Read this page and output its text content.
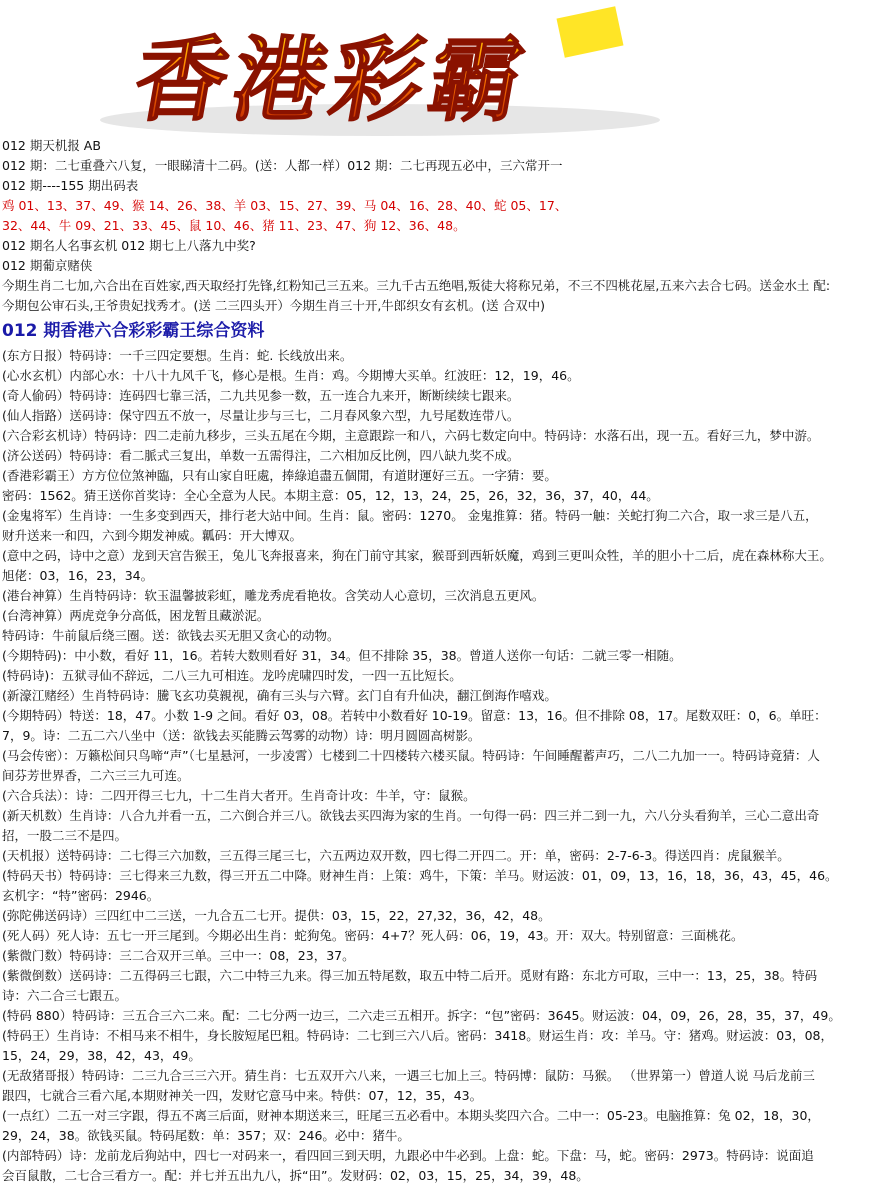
香港彩霸
012 期天机报 AB
012 期：二七重叠六八复，一眼睇清十二码。(送：人都一样）012 期：二七再现五必中，三六常开一
012 期----155 期出码表
鸡 01、13、37、49、猴 14、26、38、羊 03、15、27、39、马 04、16、28、40、蛇 05、17、
32、44、牛 09、21、33、45、鼠 10、46、猪 11、23、47、狗 12、36、48。
012 期名人名事玄机 012 期七上八落九中奖?
012 期葡京赌侠
今期生肖二七加,六合出在百姓家,西天取经打先锋,红粉知己三五来。三九千古五绝唱,叛徒大将称兄弟，不三不四桃花屋,五来六去合七码。送金水土 配:
今期包公审石头,王爷贵妃找秀才。(送 二三四头开）今期生肖三十开,牛郎织女有玄机。(送 合双中)
012 期香港六合彩彩霸王综合资料
(东方日报）特码诗：一千三四定要想。生肖：蛇. 长线放出来。
(心水玄机）内部心水：十八十九风千飞，修心是根。生肖：鸡。今期博大买单。红波旺：12，19，46。
(奇人偷码）特码诗：连码四七靠三活，二九共见参一数，五一连合九来开，断断续续七跟来。
(仙人指路）送码诗：保守四五不放一，尽量让步与三七，二月春风象六型，九号尾数连带八。
(六合彩玄机诗）特码诗：四二走前九移步，三头五尾在今期，主意跟踪一和八，六码七数定向中。特码诗：水落石出，现一五。看好三九，梦中游。
(济公送码）特码诗：看二脈式三复出，单数一五需得注，二六相加反比例，四八缺九奖不成。
(香港彩霸王）方方位位煞神臨，只有山家自旺處，捧綠追盡五個閒，有道財運好三五。一字猜：要。
密码：1562。猜王送你首奖诗：全心全意为人民。本期主意：05，12，13，24，25，26，32，36，37，40，44。
(金鬼将军）生肖诗：一生多变到西天，排行老大站中间。生肖：鼠。密码：1270。 金鬼推算：猪。特码一触：关蛇打狗二六合，取一求三是八五，
财升送来一和四，六到今期发神威。瓤码：开大博双。
(意中之码，诗中之意）龙到天宫告猴王，兔儿飞奔报喜来，狗在门前守其家，猴哥到西斩妖魔，鸡到三更叫众牲，羊的胆小十二后，虎在森林称大王。
旭佬：03，16，23，34。
(港台神算）生肖特码诗：软玉温馨披彩虹，雕龙秀虎看艳妆。含笑动人心意切，三次消息五更风。
(台湾神算）两虎竞争分高低，困龙暂且藏淤泥。
特码诗：牛前鼠后绕三圈。送：欲钱去买无胆又贪心的动物。
(今期特码)：中小数，看好 11，16。若转大数则看好 31，34。但不排除 35，38。曾道人送你一句话：二就三零一相随。
(特码诗)：五狱寻仙不辞远，二八三九可相连。龙吟虎啸四时发，一四一五比短长。
(新濠江赌经）生肖特码诗：騰飞玄功莫親视，确有三头与六臂。玄门自有升仙决，翻江倒海作嘻戏。
(今期特码）特送：18，47。小数 1-9 之间。看好 03，08。若转中小数看好 10-19。留意：13，16。但不排除 08，17。尾数双旺：0，6。单旺：
7，9。诗：二五二六八坐中（送：欲钱去买能腾云驾雾的动物）诗：明月圆圆高树影。
(马会传密）：万籁松间只鸟啼“声”（七星悬河，一步凌霄）七楼到二十四楼转六楼买鼠。特码诗：午间睡醒蓄声巧，二八二九加一一。特码诗竟猜：人
间芬芳世界香，二六三三九可连。
(六合兵法）：诗：二四开得三七九，十二生肖大者开。生肖奇计攻：牛羊，守：鼠猴。
(新天机数）生肖诗：八合九并看一五，二六倒合并三八。欲钱去买四海为家的生肖。一句得一码：四三并二到一九，六八分头看狗羊，三心二意出奇
招，一股二三不是四。
(天机报）送特码诗：二七得三六加数，三五得三尾三七，六五两边双开数，四七得二开四二。开：单，密码：2-7-6-3。得送四肖：虎鼠猴羊。
(特码天书）特码诗：三七得来三九数，得三开五二中降。财神生肖：上策：鸡牛，下策：羊马。财运波：01，09，13，16，18，36，43，45，46。
玄机字：“特”密码：2946。
(弥陀佛送码诗）三四红中二三送，一九合五二七开。提供：03，15，22，27,32，36，42，48。
(死人码）死人诗：五七一开三尾到。今期必出生肖：蛇狗兔。密码：4+7？死人码：06，19，43。开：双大。特别留意：三面桃花。
(紫微门数）特码诗：三二合双开三单。三中一：08，23，37。
(紫微倒数）送码诗：二五得码三七跟，六二中特三九来。得三加五特尾数，取五中特二后开。觅财有路：东北方可取，三中一：13，25，38。特码
诗：六二合三七跟五。
(特码 880）特码诗：三五合三六二来。配：二七分两一边三，二六走三五相开。拆字：“包”密码：3645。财运波：04，09，26，28，35，37，49。
(特码王）生肖诗：不相马来不相牛，身长胺短尾巴粗。特码诗：二七到三六八后。密码：3418。财运生肖：攻：羊马。守：猪鸡。财运波：03，08，
15，24，29，38，42，43，49。
(无敌猪哥报）特码诗：二三九合三三六开。猜生肖：七五双开六八来，一遇三七加上三。特码博：鼠防：马猴。 （世界第一）曾道人说 马后龙前三
跟四，七就合三看六尾,本期财神关一四，发财它意马中来。特供：07，12，35，43。
(一点红）二五一对三字跟，得五不离三后面，财神本期送来三，旺尾三五必看中。本期头奖四六合。二中一：05-23。电脑推算：兔 02，18，30，
29，24，38。欲钱买鼠。特码尾数：单：357；双：246。必中：猪牛。
(内部特码）诗：龙前龙后狗站中，四七一对码来一，看四回三到天明，九跟必中牛必到。上盘：蛇。下盘：马，蛇。密码：2973。特码诗：说面追
会百鼠散，二七合三看方一。配：并七并五出九八，拆“田”。发财码：02，03，15，25，34，39，48。
